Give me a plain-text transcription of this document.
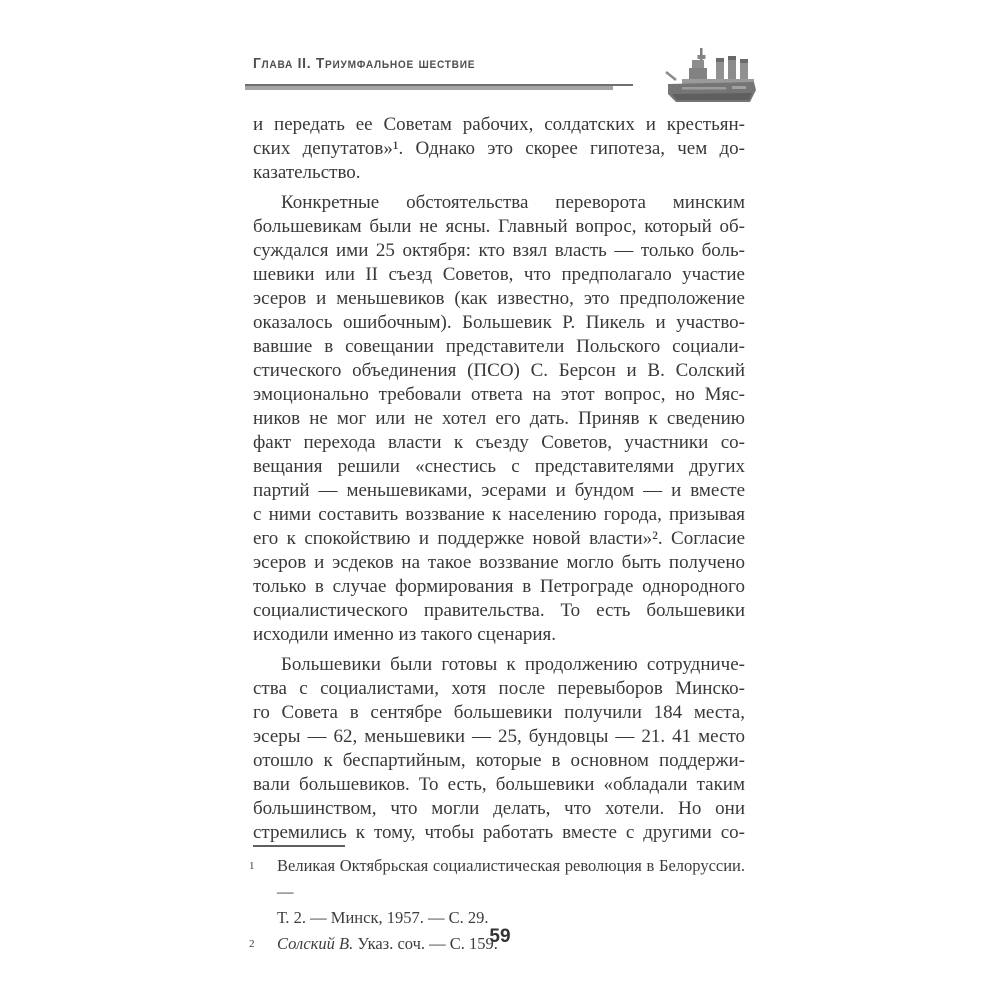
Глава II. Триумфальное шествие
и передать ее Советам рабочих, солдатских и крестьян-
ских депутатов»¹. Однако это скорее гипотеза, чем до-
казательство.
Конкретные обстоятельства переворота минским
большевикам были не ясны. Главный вопрос, который об-
суждался ими 25 октября: кто взял власть — только боль-
шевики или II съезд Советов, что предполагало участие
эсеров и меньшевиков (как известно, это предположение
оказалось ошибочным). Большевик Р. Пикель и участво-
вавшие в совещании представители Польского социали-
стического объединения (ПСО) С. Берсон и В. Солский
эмоционально требовали ответа на этот вопрос, но Мяс-
ников не мог или не хотел его дать. Приняв к сведению
факт перехода власти к съезду Советов, участники со-
вещания решили «снестись с представителями других
партий — меньшевиками, эсерами и бундом — и вместе
с ними составить воззвание к населению города, призывая
его к спокойствию и поддержке новой власти»². Согласие
эсеров и эсдеков на такое воззвание могло быть получено
только в случае формирования в Петрограде однородного
социалистического правительства. То есть большевики
исходили именно из такого сценария.
Большевики были готовы к продолжению сотрудниче-
ства с социалистами, хотя после перевыборов Минско-
го Совета в сентябре большевики получили 184 места,
эсеры — 62, меньшевики — 25, бундовцы — 21. 41 место
отошло к беспартийным, которые в основном поддержи-
вали большевиков. То есть, большевики «обладали таким
большинством, что могли делать, что хотели. Но они
стремились к тому, чтобы работать вместе с другими со-
1 Великая Октябрьская социалистическая революция в Белоруссии. —
Т. 2. — Минск, 1957. — С. 29.
2 Солский В. Указ. соч. — С. 159.
59
